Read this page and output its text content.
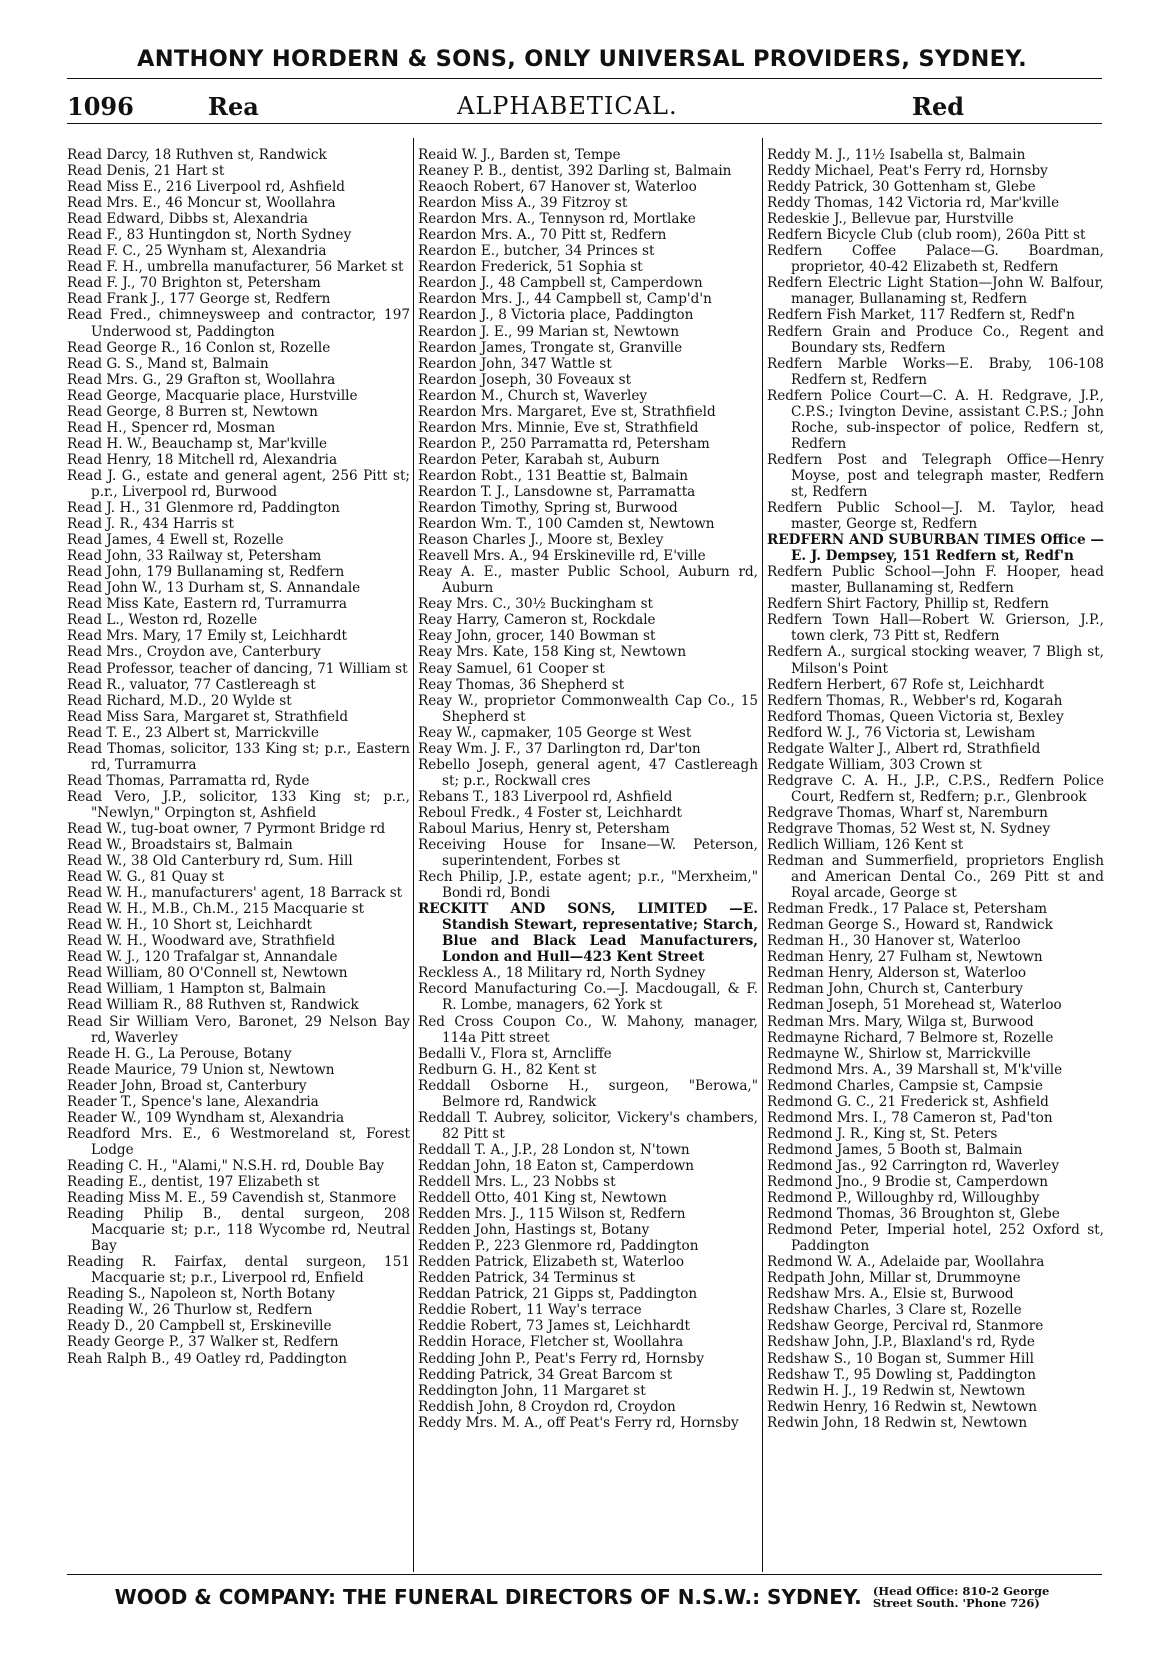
ANTHONY HORDERN & SONS, ONLY UNIVERSAL PROVIDERS, SYDNEY.
1096	Rea	ALPHABETICAL.	Red
Read Darcy, 18 Ruthven st, Randwick
Read Denis, 21 Hart st
Read Miss E., 216 Liverpool rd, Ashfield
Read Mrs. E., 46 Moncur st, Woollahra
Read Edward, Dibbs st, Alexandria
Read F., 83 Huntingdon st, North Sydney
Read F. C., 25 Wynham st, Alexandria
Read F. H., umbrella manufacturer, 56 Market st
Read F. J., 70 Brighton st, Petersham
Read Frank J., 177 George st, Redfern
Read Fred., chimneysweep and contractor, 197 Underwood st, Paddington
Read George R., 16 Conlon st, Rozelle
Read G. S., Mand st, Balmain
Read Mrs. G., 29 Grafton st, Woollahra
Read George, Macquarie place, Hurstville
Read George, 8 Burren st, Newtown
Read H., Spencer rd, Mosman
Read H. W., Beauchamp st, Mar'kville
Read Henry, 18 Mitchell rd, Alexandria
Read J. G., estate and general agent, 256 Pitt st; p.r., Liverpool rd, Burwood
Read J. H., 31 Glenmore rd, Paddington
Read J. R., 434 Harris st
Read James, 4 Ewell st, Rozelle
Read John, 33 Railway st, Petersham
Read John, 179 Bullanaming st, Redfern
Read John W., 13 Durham st, S. Annandale
Read Miss Kate, Eastern rd, Turramurra
Read L., Weston rd, Rozelle
Read Mrs. Mary, 17 Emily st, Leichhardt
Read Mrs., Croydon ave, Canterbury
Read Professor, teacher of dancing, 71 William st
Read R., valuator, 77 Castlereagh st
Read Richard, M.D., 20 Wylde st
Read Miss Sara, Margaret st, Strathfield
Read T. E., 23 Albert st, Marrickville
Read Thomas, solicitor, 133 King st; p.r., Eastern rd, Turramurra
Read Thomas, Parramatta rd, Ryde
Read Vero, J.P., solicitor, 133 King st; p.r., "Newlyn," Orpington st, Ashfield
Read W., tug-boat owner, 7 Pyrmont Bridge rd
Read W., Broadstairs st, Balmain
Read W., 38 Old Canterbury rd, Sum. Hill
Read W. G., 81 Quay st
Read W. H., manufacturers' agent, 18 Barrack st
Read W. H., M.B., Ch.M., 215 Macquarie st
Read W. H., 10 Short st, Leichhardt
Read W. H., Woodward ave, Strathfield
Read W. J., 120 Trafalgar st, Annandale
Read William, 80 O'Connell st, Newtown
Read William, 1 Hampton st, Balmain
Read William R., 88 Ruthven st, Randwick
Read Sir William Vero, Baronet, 29 Nelson Bay rd, Waverley
Reade H. G., La Perouse, Botany
Reade Maurice, 79 Union st, Newtown
Reader John, Broad st, Canterbury
Reader T., Spence's lane, Alexandria
Reader W., 109 Wyndham st, Alexandria
Readford Mrs. E., 6 Westmoreland st, Forest Lodge
Reading C. H., "Alami," N.S.H. rd, Double Bay
Reading E., dentist, 197 Elizabeth st
Reading Miss M. E., 59 Cavendish st, Stanmore
Reading Philip B., dental surgeon, 208 Macquarie st; p.r., 118 Wycombe rd, Neutral Bay
Reading R. Fairfax, dental surgeon, 151 Macquarie st; p.r., Liverpool rd, Enfield
Reading S., Napoleon st, North Botany
Reading W., 26 Thurlow st, Redfern
Ready D., 20 Campbell st, Erskineville
Ready George P., 37 Walker st, Redfern
Reah Ralph B., 49 Oatley rd, Paddington
Reaid W. J., Barden st, Tempe
Reaney P. B., dentist, 392 Darling st, Balmain
Reaoch Robert, 67 Hanover st, Waterloo
Reardon Miss A., 39 Fitzroy st
Reardon Mrs. A., Tennyson rd, Mortlake
Reardon Mrs. A., 70 Pitt st, Redfern
Reardon E., butcher, 34 Princes st
Reardon Frederick, 51 Sophia st
Reardon J., 48 Campbell st, Camperdown
Reardon Mrs. J., 44 Campbell st, Camp'd'n
Reardon J., 8 Victoria place, Paddington
Reardon J. E., 99 Marian st, Newtown
Reardon James, Trongate st, Granville
Reardon John, 347 Wattle st
Reardon Joseph, 30 Foveaux st
Reardon M., Church st, Waverley
Reardon Mrs. Margaret, Eve st, Strathfield
Reardon Mrs. Minnie, Eve st, Strathfield
Reardon P., 250 Parramatta rd, Petersham
Reardon Peter, Karabah st, Auburn
Reardon Robt., 131 Beattie st, Balmain
Reardon T. J., Lansdowne st, Parramatta
Reardon Timothy, Spring st, Burwood
Reardon Wm. T., 100 Camden st, Newtown
Reason Charles J., Moore st, Bexley
Reavell Mrs. A., 94 Erskineville rd, E'ville
Reay A. E., master Public School, Auburn rd, Auburn
Reay Mrs. C., 30½ Buckingham st
Reay Harry, Cameron st, Rockdale
Reay John, grocer, 140 Bowman st
Reay Mrs. Kate, 158 King st, Newtown
Reay Samuel, 61 Cooper st
Reay Thomas, 36 Shepherd st
Reay W., proprietor Commonwealth Cap Co., 15 Shepherd st
Reay W., capmaker, 105 George st West
Reay Wm. J. F., 37 Darlington rd, Dar'ton
Rebello Joseph, general agent, 47 Castlereagh st; p.r., Rockwall cres
Rebans T., 183 Liverpool rd, Ashfield
Reboul Fredk., 4 Foster st, Leichhardt
Raboul Marius, Henry st, Petersham
Receiving House for Insane—W. Peterson, superintendent, Forbes st
Rech Philip, J.P., estate agent; p.r., "Merxheim," Bondi rd, Bondi
RECKITT AND SONS, LIMITED —E. Standish Stewart, representative; Starch, Blue and Black Lead Manufacturers, London and Hull—423 Kent Street
Reckless A., 18 Military rd, North Sydney
Record Manufacturing Co.—J. Macdougall, & F. R. Lombe, managers, 62 York st
Red Cross Coupon Co., W. Mahony, manager, 114a Pitt street
Bedalli V., Flora st, Arncliffe
Redburn G. H., 82 Kent st
Reddall Osborne H., surgeon, "Berowa," Belmore rd, Randwick
Reddall T. Aubrey, solicitor, Vickery's chambers, 82 Pitt st
Reddall T. A., J.P., 28 London st, N'town
Reddan John, 18 Eaton st, Camperdown
Reddell Mrs. L., 23 Nobbs st
Reddell Otto, 401 King st, Newtown
Redden Mrs. J., 115 Wilson st, Redfern
Redden John, Hastings st, Botany
Redden P., 223 Glenmore rd, Paddington
Redden Patrick, Elizabeth st, Waterloo
Redden Patrick, 34 Terminus st
Reddan Patrick, 21 Gipps st, Paddington
Reddie Robert, 11 Way's terrace
Reddie Robert, 73 James st, Leichhardt
Reddin Horace, Fletcher st, Woollahra
Redding John P., Peat's Ferry rd, Hornsby
Redding Patrick, 34 Great Barcom st
Reddington John, 11 Margaret st
Reddish John, 8 Croydon rd, Croydon
Reddy Mrs. M. A., off Peat's Ferry rd, Hornsby
Reddy M. J., 11½ Isabella st, Balmain
Reddy Michael, Peat's Ferry rd, Hornsby
Reddy Patrick, 30 Gottenham st, Glebe
Reddy Thomas, 142 Victoria rd, Mar'kville
Redeskie J., Bellevue par, Hurstville
Redfern Bicycle Club (club room), 260a Pitt st
Redfern Coffee Palace—G. Boardman, proprietor, 40-42 Elizabeth st, Redfern
Redfern Electric Light Station—John W. Balfour, manager, Bullanaming st, Redfern
Redfern Fish Market, 117 Redfern st, Redf'n
Redfern Grain and Produce Co., Regent and Boundary sts, Redfern
Redfern Marble Works—E. Braby, 106-108 Redfern st, Redfern
Redfern Police Court—C. A. H. Redgrave, J.P., C.P.S.; Ivington Devine, assistant C.P.S.; John Roche, sub-inspector of police, Redfern st, Redfern
Redfern Post and Telegraph Office—Henry Moyse, post and telegraph master, Redfern st, Redfern
Redfern Public School—J. M. Taylor, head master, George st, Redfern
REDFERN AND SUBURBAN TIMES Office —E. J. Dempsey, 151 Redfern st, Redf'n
Redfern Public School—John F. Hooper, head master, Bullanaming st, Redfern
Redfern Shirt Factory, Phillip st, Redfern
Redfern Town Hall—Robert W. Grierson, J.P., town clerk, 73 Pitt st, Redfern
Redfern A., surgical stocking weaver, 7 Bligh st, Milson's Point
Redfern Herbert, 67 Rofe st, Leichhardt
Redfern Thomas, R., Webber's rd, Kogarah
Redford Thomas, Queen Victoria st, Bexley
Redford W. J., 76 Victoria st, Lewisham
Redgate Walter J., Albert rd, Strathfield
Redgate William, 303 Crown st
Redgrave C. A. H., J.P., C.P.S., Redfern Police Court, Redfern st, Redfern; p.r., Glenbrook
Redgrave Thomas, Wharf st, Naremburn
Redgrave Thomas, 52 West st, N. Sydney
Redlich William, 126 Kent st
Redman and Summerfield, proprietors English and American Dental Co., 269 Pitt st and Royal arcade, George st
Redman Fredk., 17 Palace st, Petersham
Redman George S., Howard st, Randwick
Redman H., 30 Hanover st, Waterloo
Redman Henry, 27 Fulham st, Newtown
Redman Henry, Alderson st, Waterloo
Redman John, Church st, Canterbury
Redman Joseph, 51 Morehead st, Waterloo
Redman Mrs. Mary, Wilga st, Burwood
Redmayne Richard, 7 Belmore st, Rozelle
Redmayne W., Shirlow st, Marrickville
Redmond Mrs. A., 39 Marshall st, M'k'ville
Redmond Charles, Campsie st, Campsie
Redmond G. C., 21 Frederick st, Ashfield
Redmond Mrs. I., 78 Cameron st, Pad'ton
Redmond J. R., King st, St. Peters
Redmond James, 5 Booth st, Balmain
Redmond Jas., 92 Carrington rd, Waverley
Redmond Jno., 9 Brodie st, Camperdown
Redmond P., Willoughby rd, Willoughby
Redmond Thomas, 36 Broughton st, Glebe
Redmond Peter, Imperial hotel, 252 Oxford st, Paddington
Redmond W. A., Adelaide par, Woollahra
Redpath John, Millar st, Drummoyne
Redshaw Mrs. A., Elsie st, Burwood
Redshaw Charles, 3 Clare st, Rozelle
Redshaw George, Percival rd, Stanmore
Redshaw John, J.P., Blaxland's rd, Ryde
Redshaw S., 10 Bogan st, Summer Hill
Redshaw T., 95 Dowling st, Paddington
Redwin H. J., 19 Redwin st, Newtown
Redwin Henry, 16 Redwin st, Newtown
Redwin John, 18 Redwin st, Newtown
WOOD & COMPANY: THE FUNERAL DIRECTORS OF N.S.W.: SYDNEY. (Head Office: 810-2 George
Street South. 'Phone 726)
